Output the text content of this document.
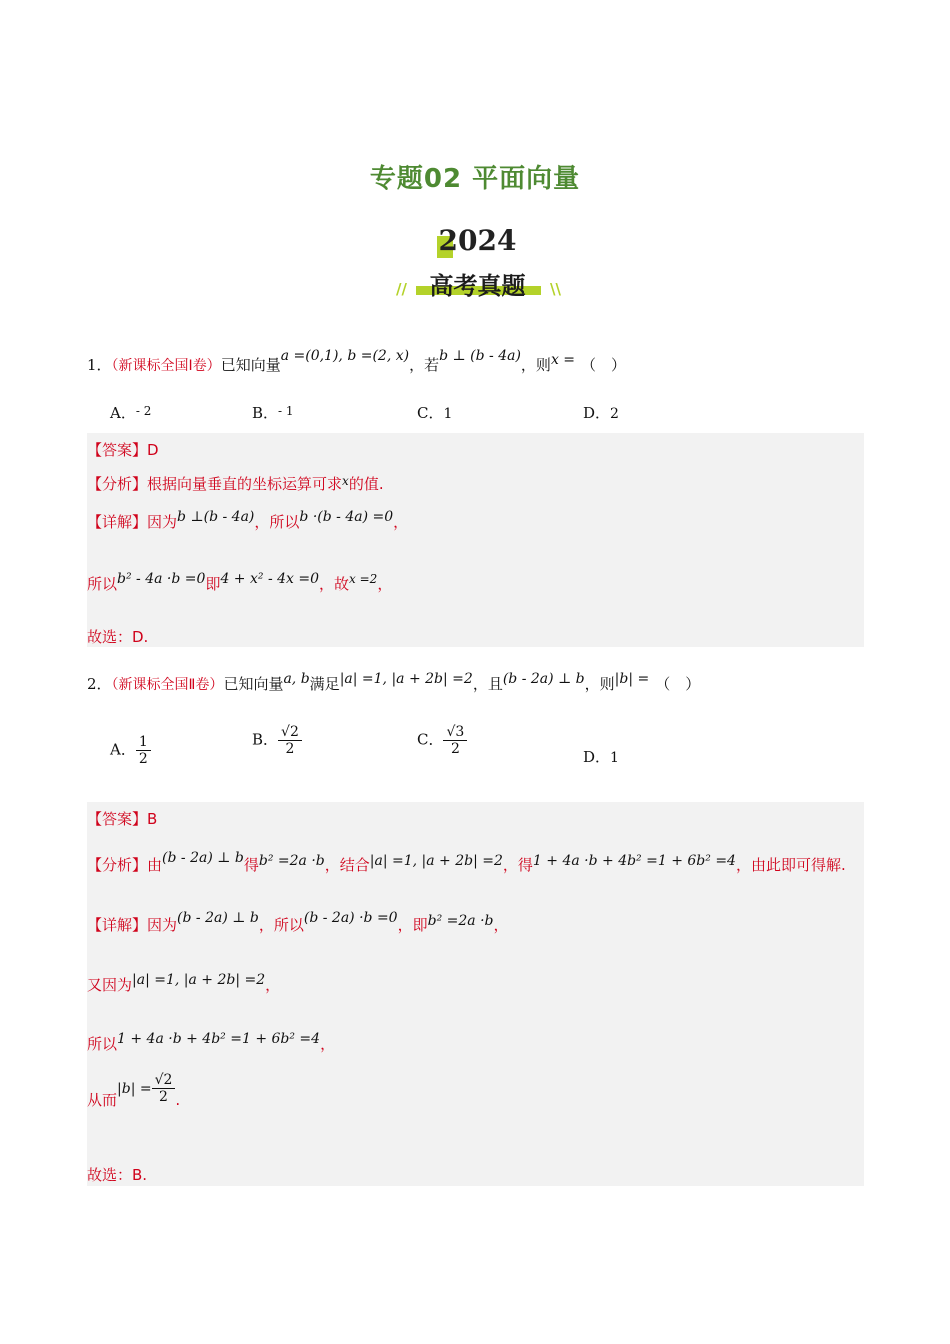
专题02 平面向量
2024
高考真题
//	\\
1．（新课标全国Ⅰ卷）已知向量a =(0,1), b =(2, x)，若b ⊥ (b - 4a)，则x = （　）
A．$^{- 2}$	B．$^{- 1}$	C．1	D．2
【答案】D
【分析】根据向量垂直的坐标运算可求$^x$的值.
【详解】因为b ⊥(b - 4a)，所以b ·(b - 4a) =0，
所以b² - 4a ·b =0即4 + x² - 4x =0，故$^{x =2}$，
故选：D.
2．（新课标全国Ⅱ卷）已知向量a, b满足|a| =1, |a + 2b| =2，且(b - 2a) ⊥ b，则|b| = （　）
A． $\frac{1}{2}$	B． $\frac{√2}{2}$	C． $\frac{√3}{2}$	D．1
【答案】B
【分析】由(b - 2a) ⊥ b得b² =2a ·b，结合|a| =1, |a + 2b| =2，得1 + 4a ·b + 4b² =1 + 6b² =4，由此即可得解.
【详解】因为(b - 2a) ⊥ b，所以(b - 2a) ·b =0，即b² =2a ·b，
又因为|a| =1, |a + 2b| =2，
所以1 + 4a ·b + 4b² =1 + 6b² =4，
从而$|b| = \frac{√2}{2}$ .
故选：B.
